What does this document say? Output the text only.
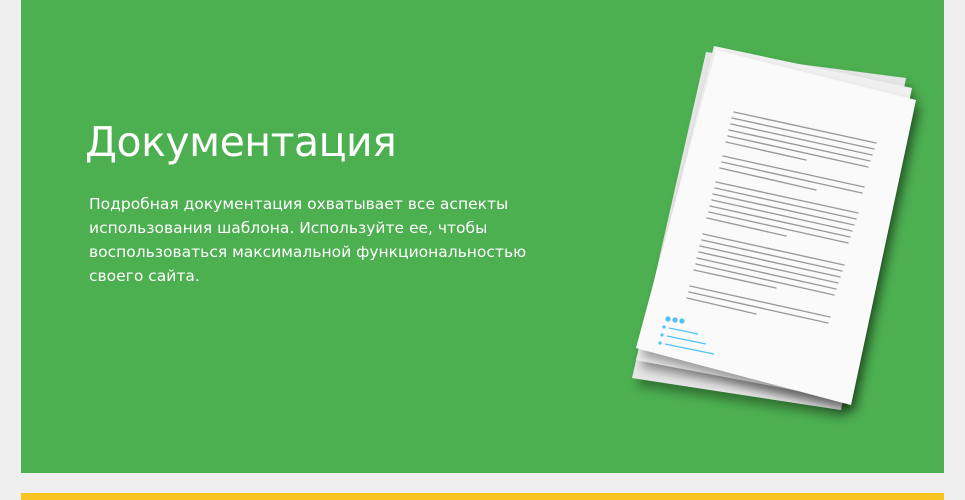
Документация

Подробная документация охватывает все аспекты использования шаблона. Используйте ее, чтобы воспользоваться максимальной функциональностью своего сайта.
